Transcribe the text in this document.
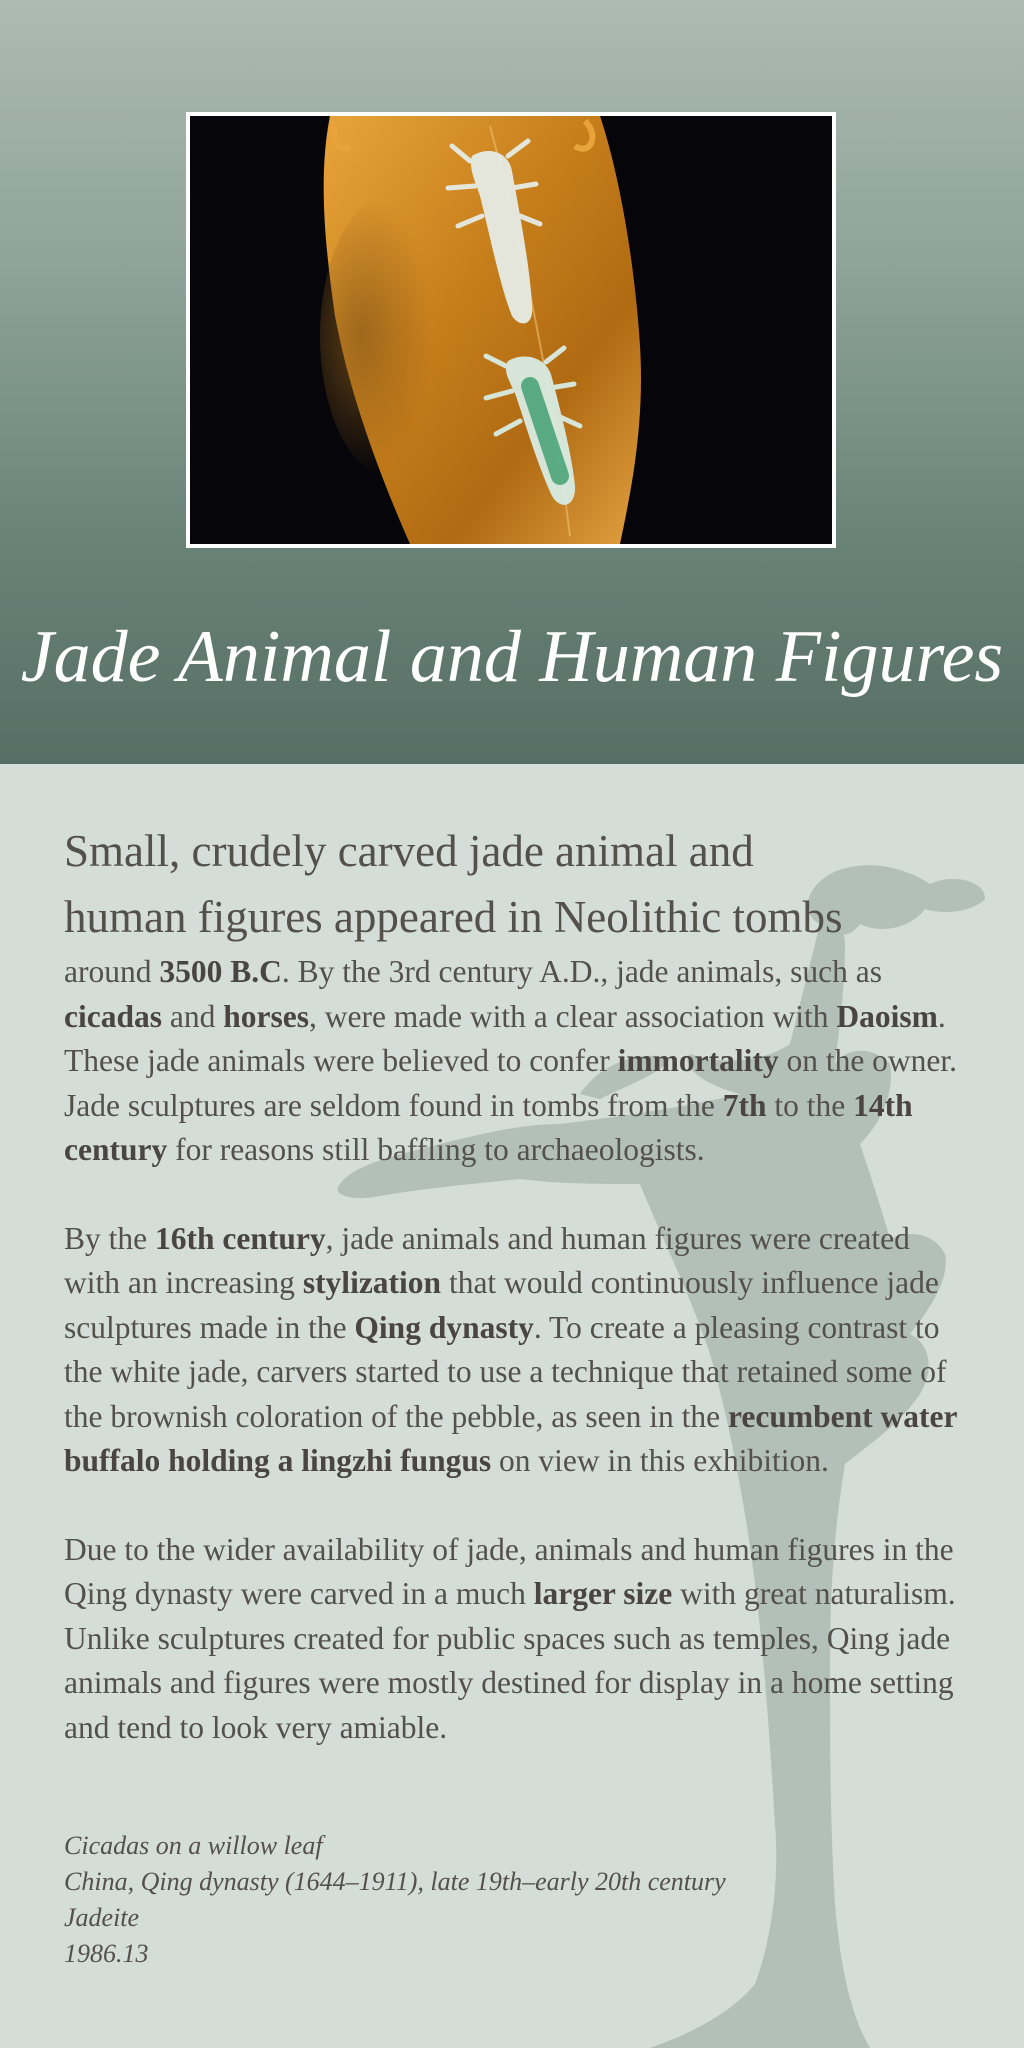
Jade Animal and Human Figures

Small, crudely carved jade animal and
human figures appeared in Neolithic tombs

around 3500 B.C. By the 3rd century A.D., jade animals, such as cicadas and horses, were made with a clear association with Daoism. These jade animals were believed to confer immortality on the owner. Jade sculptures are seldom found in tombs from the 7th to the 14th century for reasons still baffling to archaeologists.

By the 16th century, jade animals and human figures were created with an increasing stylization that would continuously influence jade sculptures made in the Qing dynasty. To create a pleasing contrast to the white jade, carvers started to use a technique that retained some of the brownish coloration of the pebble, as seen in the recumbent water buffalo holding a lingzhi fungus on view in this exhibition.

Due to the wider availability of jade, animals and human figures in the Qing dynasty were carved in a much larger size with great naturalism. Unlike sculptures created for public spaces such as temples, Qing jade animals and figures were mostly destined for display in a home setting and tend to look very amiable.

Cicadas on a willow leaf
China, Qing dynasty (1644–1911), late 19th–early 20th century
Jadeite
1986.13
